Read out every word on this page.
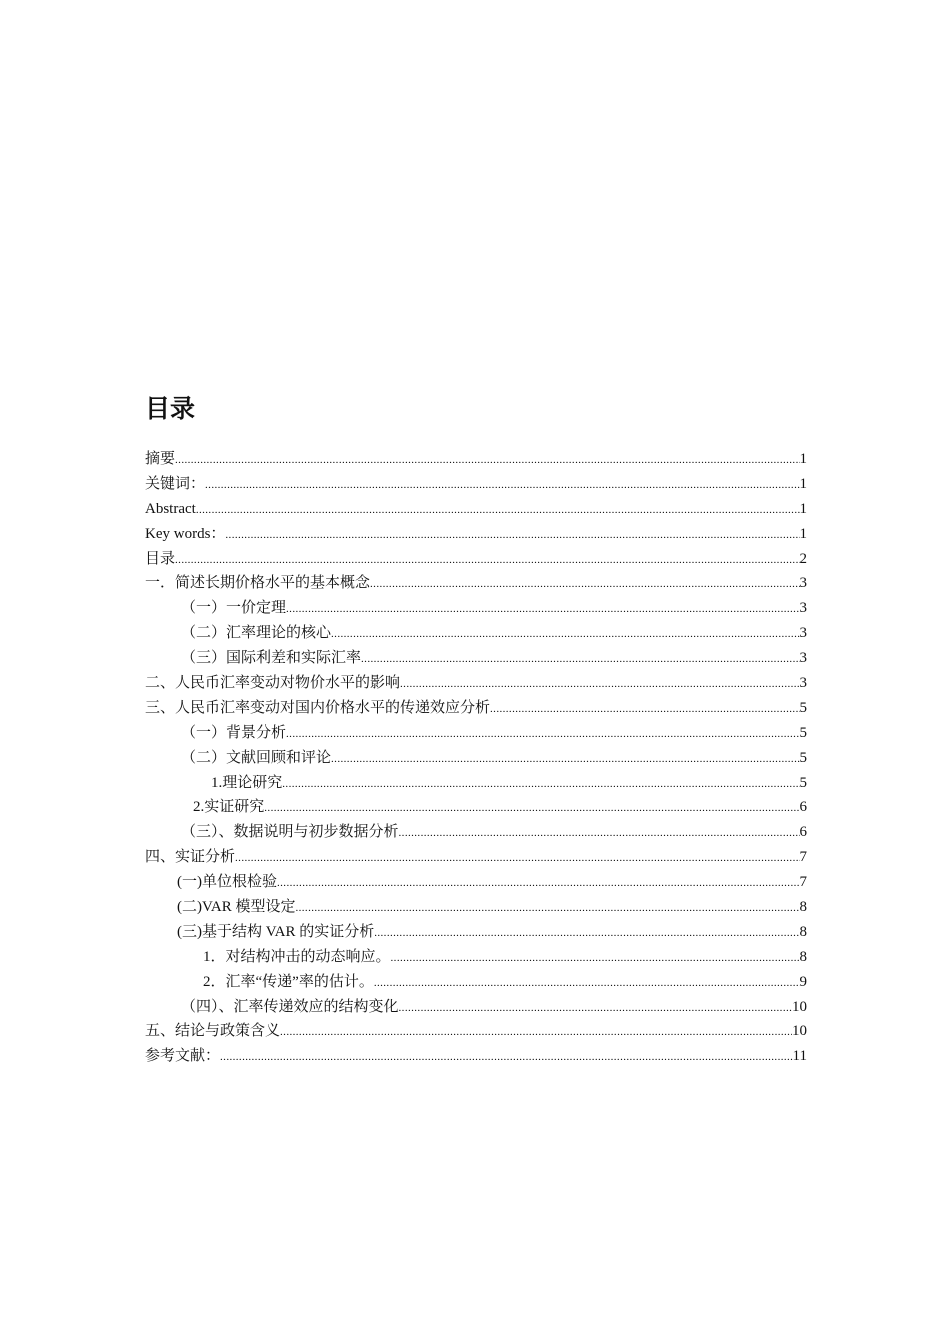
目录
摘要 .....	1
关键词： .....	1
Abstract .....	1
Key words： .....	1
目录 .....	2
一．简述长期价格水平的基本概念 .....	3
（一）一价定理 .....	3
（二）汇率理论的核心 .....	3
（三）国际利差和实际汇率 .....	3
二、人民币汇率变动对物价水平的影响 .....	3
三、人民币汇率变动对国内价格水平的传递效应分析 .....	5
（一）背景分析 .....	5
（二）文献回顾和评论 .....	5
1.理论研究 .....	5
2.实证研究 .....	6
（三）、数据说明与初步数据分析 .....	6
四、实证分析 .....	7
(一)单位根检验 .....	7
(二)VAR 模型设定 .....	8
(三)基于结构 VAR 的实证分析 .....	8
1．对结构冲击的动态响应。 .....	8
2．汇率“传递”率的估计。 .....	9
（四）、汇率传递效应的结构变化 .....	10
五、结论与政策含义 .....	10
参考文献： .....	11
